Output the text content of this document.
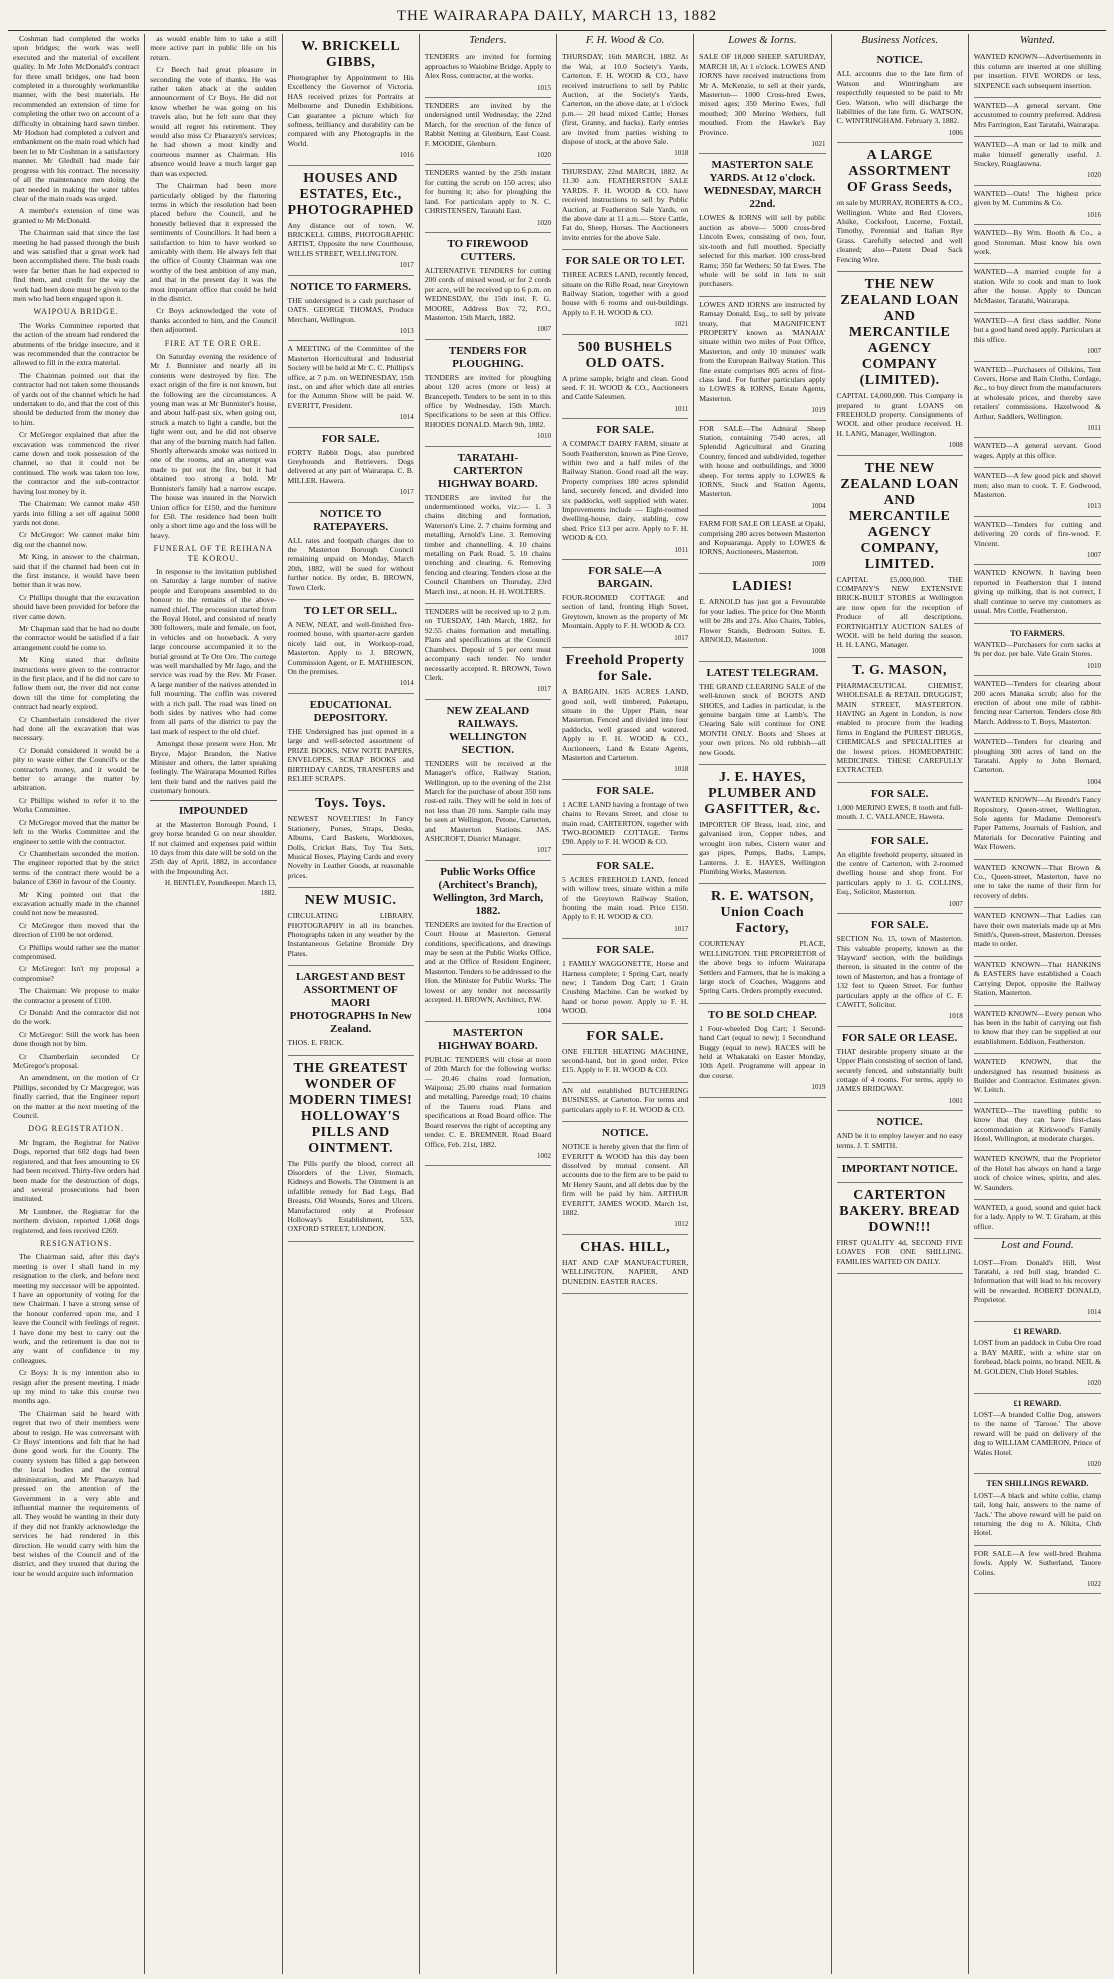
THE WAIRARAPA DAILY, MARCH 13, 1882

Coshman had completed the works upon bridges; the work was well executed and the material of excellent quality. In Mr John McDonald's contract for three small bridges, one had been completed in a thoroughly workmanlike manner, with the best materials. He recommended an extension of time for completing the other two on account of a difficulty in obtaining hard sawn timber. Mr Hodson had completed a culvert and embankment on the main road which had been let to Mr Coshman in a satisfactory manner. Mr Gledhill had made fair progress with his contract. The necessity of all the maintenance men doing the part needed in making the water tables clear of the main roads was urged.

A member's extension of time was granted to Mr McDonald.

The Chairman said that since the last meeting he had passed through the bush and was satisfied that a great work had been accomplished there. The bush roads were far better than he had expected to find them, and credit for the way the work had been done must be given to the men who had been engaged upon it.

WAIPOUA BRIDGE.

The Works Committee reported that the action of the stream had rendered the abutments of the bridge insecure, and it was recommended that the contractor be allowed to fill in the extra material.

The Chairman pointed out that the contractor had not taken some thousands of yards out of the channel which he had undertaken to do, and that the cost of this should be deducted from the money due to him.

Cr McGregor explained that after the excavation was commenced the river came down and took possession of the channel, so that it could not be continued. The work was taken too low, the contractor and the sub-contractor having lost money by it.

The Chairman: We cannot make 450 yards into filling a set off against 5000 yards not done.

Cr McGregor: We cannot make him dig out the channel now.

Mr King, in answer to the chairman, said that if the channel had been cut in the first instance, it would have been better than it was now.

Cr Phillips thought that the excavation should have been provided for before the river came down.

Mr Chapman said that he had no doubt the contractor would be satisfied if a fair arrangement could be come to.

Mr King stated that definite instructions were given to the contractor in the first place, and if he did not care to follow them out, the river did not come down till the time for completing the contract had nearly expired.

Cr Chamberlain considered the river had done all the excavation that was necessary.

Cr Donald considered it would be a pity to waste either the Council's or the contractor's money, and it would be better to arrange the matter by arbitration.

Cr Phillips wished to refer it to the Works Committee.

Cr McGregor moved that the matter be left to the Works Committee and the engineer to settle with the contractor.

Cr Chamberlain seconded the motion. The engineer reported that by the strict terms of the contract there would be a balance of £360 in favour of the County.

Mr King pointed out that the excavation actually made in the channel could not now be measured.

Cr McGregor then moved that the direction of £100 be not ordered.

Cr Phillips would rather see the matter compromised.

Cr McGregor: Isn't my proposal a compromise?

The Chairman: We propose to make the contractor a present of £100.

Cr Donald: And the contractor did not do the work.

Cr McGregor: Still the work has been done though not by him.

Cr Chamberlain seconded Cr McGregor's proposal.

An amendment, on the motion of Cr Phillips, seconded by Cr Macgregor, was finally carried, that the Engineer report on the matter at the next meeting of the Council.

DOG REGISTRATION.

Mr Ingram, the Registrar for Native Dogs, reported that 602 dogs had been registered, and that fees amounting to £6 had been received. Thirty-five orders had been made for the destruction of dogs, and several prosecutions had been instituted.

Mr Lumbner, the Registrar for the northern division, reported 1,068 dogs registered, and fees received £269.

RESIGNATIONS.

The Chairman said, after this day's meeting is over I shall hand in my resignation to the clerk, and before next meeting my successor will be appointed. I have an opportunity of voting for the new Chairman. I have a strong sense of the honour conferred upon me, and I leave the Council with feelings of regret. I have done my best to carry out the work, and the retirement is due not to any want of confidence in my colleagues.

Cr Boys: It is my intention also to resign after the present meeting. I made up my mind to take this course two months ago.

The Chairman said he heard with regret that two of their members were about to resign. He was conversant with Cr Boys' intentions and felt that he had done good work for the County. The county system has filled a gap between the local bodies and the central administration, and Mr Pharazyn had pressed on the attention of the Government in a very able and influential manner the requirements of all. They would be wanting in their duty if they did not frankly acknowledge the services he had rendered in this direction. He would carry with him the best wishes of the Council and of the district, and they trusted that during the tour he would acquire such information

as would enable him to take a still more active part in public life on his return.

Cr Beech had great pleasure in seconding the vote of thanks. He was rather taken aback at the sudden announcement of Cr Boys. He did not know whether he was going on his travels also, but he felt sure that they would all regret his retirement. They would also miss Cr Pharazyn's services; he had shown a most kindly and courteous manner as Chairman. His absence would leave a much larger gap than was expected.

The Chairman had been more particularly obliged by the flattering terms in which the resolution had been placed before the Council, and he honestly believed that it expressed the sentiments of Councillors. It had been a satisfaction to him to have worked so amicably with them. He always felt that the office of County Chairman was one worthy of the best ambition of any man, and that in the present day it was the most important office that could be held in the district.

Cr Boys acknowledged the vote of thanks accorded to him, and the Council then adjourned.

FIRE AT TE ORE ORE.

On Saturday evening the residence of Mr J. Bunnister and nearly all its contents were destroyed by fire. The exact origin of the fire is not known, but the following are the circumstances. A young man was at Mr Bunnister's house, and about half-past six, when going out, struck a match to light a candle, but the light went out, and he did not observe that any of the burning match had fallen. Shortly afterwards smoke was noticed in one of the rooms, and an attempt was made to put out the fire, but it had obtained too strong a hold. Mr Bunnister's family had a narrow escape. The house was insured in the Norwich Union office for £150, and the furniture for £50. The residence had been built only a short time ago and the loss will be heavy.

FUNERAL OF TE REIHANA TE KOROU.

In response to the invitation published on Saturday a large number of native people and Europeans assembled to do honour to the remains of the above-named chief. The procession started from the Royal Hotel, and consisted of nearly 300 followers, male and female, on foot, in vehicles and on horseback. A very large concourse accompanied it to the burial ground at Te Ore Ore. The cortege was well marshalled by Mr Jago, and the service was read by the Rev. Mr Fraser. A large number of the natives attended in full mourning. The coffin was covered with a rich pall. The road was lined on both sides by natives who had come from all parts of the district to pay the last mark of respect to the old chief.

Amongst those present were Hon. Mr Bryce, Major Brandon, the Native Minister and others, the latter speaking feelingly. The Wairarapa Mounted Rifles lent their band and the natives paid the customary honours.

IMPOUNDED

at the Masterton Borough Pound, 1 grey horse branded G on near shoulder. If not claimed and expenses paid within 10 days from this date will be sold on the 25th day of April, 1882, in accordance with the Impounding Act.

H. BENTLEY, Poundkeeper. March 13, 1882.
W. BRICKELL GIBBS,

Photographer by Appointment to His Excellency the Governor of Victoria. HAS received prizes for Portraits at Melbourne and Dunedin Exhibitions. Can guarantee a picture which for softness, brilliancy and durability can be compared with any Photographs in the World.

1016
HOUSES AND ESTATES, Etc., PHOTOGRAPHED

Any distance out of town. W. BRICKELL GIBBS, PHOTOGRAPHIC ARTIST, Opposite the new Courthouse, WILLIS STREET, WELLINGTON.

1017
NOTICE TO FARMERS.

THE undersigned is a cash purchaser of OATS. GEORGE THOMAS, Produce Merchant, Wellington.

1013

A MEETING of the Committee of the Masterton Horticultural and Industrial Society will be held at Mr C. C. Phillips's office, at 7 p.m. on WEDNESDAY, 15th inst., on and after which date all entries for the Autumn Show will be paid. W. EVERITT, President.

1014
FOR SALE.

FORTY Rabbit Dogs, also purebred Greyhounds and Retrievers. Dogs delivered at any part of Wairarapa. C. B. MILLER. Hawera.

1017
NOTICE TO RATEPAYERS.

ALL rates and footpath charges due to the Masterton Borough Council remaining unpaid on Monday, March 20th, 1882, will be sued for without further notice. By order, B. BROWN, Town Clerk.

TO LET OR SELL.

A NEW, NEAT, and well-finished five-roomed house, with quarter-acre garden nicely laid out, in Worksop-road, Masterton. Apply to J. BROWN, Commission Agent, or E. MATHIESON, On the premises.

1014
EDUCATIONAL DEPOSITORY.

THE Undersigned has just opened in a large and well-selected assortment of PRIZE BOOKS, NEW NOTE PAPERS, ENVELOPES, SCRAP BOOKS and BIRTHDAY CARDS, TRANSFERS and RELIEF SCRAPS.

Toys. Toys.

NEWEST NOVELTIES! In Fancy Stationery, Purses, Straps, Desks, Albums, Card Baskets, Workboxes, Dolls, Cricket Bats, Toy Tea Sets, Musical Boxes, Playing Cards and every Novelty in Leather Goods, at reasonable prices.

NEW MUSIC.

CIRCULATING LIBRARY. PHOTOGRAPHY in all its branches. Photographs taken in any weather by the Instantaneous Gelatine Bromide Dry Plates.

LARGEST AND BEST ASSORTMENT OF MAORI PHOTOGRAPHS In New Zealand.

THOS. E. FRICK.

THE GREATEST WONDER OF MODERN TIMES! HOLLOWAY'S PILLS AND OINTMENT.

The Pills purify the blood, correct all Disorders of the Liver, Stomach, Kidneys and Bowels. The Ointment is an infallible remedy for Bad Legs, Bad Breasts, Old Wounds, Sores and Ulcers. Manufactured only at Professor Holloway's Establishment, 533, OXFORD STREET, LONDON.

Tenders.

TENDERS are invited for forming approaches to Waiohine Bridge. Apply to Alex Ross, contractor, at the works.

1015

TENDERS are invited by the undersigned until Wednesday, the 22nd March, for the erection of the fence of Rabbit Netting at Glenburn, East Coast. F. MOODIE, Glenburn.

1020

TENDERS wanted by the 25th instant for cutting the scrub on 150 acres; also for burning it; also for ploughing the land. For particulars apply to N. C. CHRISTENSEN, Taratahi East.

1020
TO FIREWOOD CUTTERS.

ALTERNATIVE TENDERS for cutting 200 cords of mixed wood, or for 2 cords per acre, will be received up to 6 p.m. on WEDNESDAY, the 15th inst. F. G. MOORE, Address Box 72, P.O., Masterton. 15th March, 1882.

1007
TENDERS FOR PLOUGHING.

TENDERS are invited for ploughing about 120 acres (more or less) at Brancepeth. Tenders to be sent in to this office by Wednesday, 15th March. Specifications to be seen at this Office. RHODES DONALD. March 9th, 1882.

1010
TARATAHI-CARTERTON HIGHWAY BOARD.

TENDERS are invited for the undermentioned works, viz.:— 1. 3 chains ditching and formation, Waterson's Line. 2. 7 chains forming and metalling, Arnold's Line. 3. Removing timber and channelling. 4. 10 chains metalling on Park Road. 5. 10 chains trenching and clearing. 6. Removing fencing and clearing. Tenders close at the Council Chambers on Thursday, 23rd March inst., at noon. H. H. WOLTERS.

TENDERS will be received up to 2 p.m. on TUESDAY, 14th March, 1882, for 92.55 chains formation and metalling. Plans and specifications at the Council Chambers. Deposit of 5 per cent must accompany each tender. No tender necessarily accepted. R. BROWN, Town Clerk.

1017
NEW ZEALAND RAILWAYS. WELLINGTON SECTION.

TENDERS will be received at the Manager's office, Railway Station, Wellington, up to the evening of the 21st March for the purchase of about 350 tons rust-ed rails. They will be sold in lots of not less than 20 tons. Sample rails may be seen at Wellington, Petone, Carterton, and Masterton Stations. JAS. ASHCROFT, District Manager.

1017
Public Works Office (Architect's Branch), Wellington, 3rd March, 1882.

TENDERS are invited for the Erection of Court House at Masterton. General conditions, specifications, and drawings may be seen at the Public Works Office, and at the Office of Resident Engineer, Masterton. Tenders to be addressed to the Hon. the Minister for Public Works. The lowest or any tender not necessarily accepted. H. BROWN, Architect, P.W.

1004
MASTERTON HIGHWAY BOARD.

PUBLIC TENDERS will close at noon of 20th March for the following works:— 20.46 chains road formation, Waipoua; 25.00 chains road formation and metalling, Pareedge road; 10 chains of the Taueru road. Plans and specifications at Road Board office. The Board reserves the right of accepting any tender. C. E. BREMNER. Road Board Office, Feb. 21st, 1882.

1002
F. H. Wood & Co.

THURSDAY, 16th MARCH, 1882. At the Wai, at 10.0 Society's Yards, Carterton. F. H. WOOD & CO., have received instructions to sell by Public Auction, at the Society's Yards, Carterton, on the above date, at 1 o'clock p.m.— 20 head mixed Cattle; Horses (first, Granny, and hacks). Early entries are invited from parties wishing to dispose of stock, at the above Sale.

1018

THURSDAY, 22nd MARCH, 1882. At 11.30 a.m. FEATHERSTON SALE YARDS. F. H. WOOD & CO. have received instructions to sell by Public Auction, at Featherston Sale Yards, on the above date at 11 a.m.— Store Cattle, Fat do, Sheep, Horses. The Auctioneers invite entries for the above Sale.

FOR SALE OR TO LET.

THREE ACRES LAND, recently fenced, situate on the Rifle Road, near Greytown Railway Station, together with a good house with 6 rooms and out-buildings. Apply to F. H. WOOD & CO.

1021
500 BUSHELS OLD OATS.

A prime sample, bright and clean. Good seed. F. H. WOOD & CO., Auctioneers and Cattle Salesmen.

1011
FOR SALE.

A COMPACT DAIRY FARM, situate at South Featherston, known as Pine Grove, within two and a half miles of the Railway Station. Good road all the way. Property comprises 180 acres splendid land, securely fenced, and divided into six paddocks, well supplied with water. Improvements include — Eight-roomed dwelling-house, dairy, stabling, cow shed. Price £13 per acre. Apply to F. H. WOOD & CO.

1011
FOR SALE—A BARGAIN.

FOUR-ROOMED COTTAGE and section of land, fronting High Street, Greytown, known as the property of Mr Mountain. Apply to F. H. WOOD & CO.

1017
Freehold Property for Sale.

A BARGAIN. 1635 ACRES LAND, good soil, well timbered, Puketapu, situate in the Upper Plain, near Masterton. Fenced and divided into four paddocks, well grassed and watered. Apply to F. H. WOOD & CO., Auctioneers, Land & Estate Agents, Masterton and Carterton.

1018
FOR SALE.

1 ACRE LAND having a frontage of two chains to Revans Street, and close to main road, CARTERTON, together with TWO-ROOMED COTTAGE. Terms £90. Apply to F. H. WOOD & CO.

FOR SALE.

5 ACRES FREEHOLD LAND, fenced with willow trees, situate within a mile of the Greytown Railway Station, fronting the main road. Price £150. Apply to F. H. WOOD & CO.

1017
FOR SALE.

1 FAMILY WAGGONETTE, Horse and Harness complete; 1 Spring Cart, nearly new; 1 Tandem Dog Cart; 1 Grain Crushing Machine. Can be worked by hand or horse power. Apply to F. H. WOOD.

FOR SALE.

ONE FILTER HEATING MACHINE, second-hand, but in good order. Price £15. Apply to F. H. WOOD & CO.

AN old established BUTCHERING BUSINESS, at Carterton. For terms and particulars apply to F. H. WOOD & CO.

NOTICE.

NOTICE is hereby given that the firm of EVERITT & WOOD has this day been dissolved by mutual consent. All accounts due to the firm are to be paid to Mr Henry Saunt, and all debts due by the firm will be paid by him. ARTHUR EVERITT, JAMES WOOD. March 1st, 1882.

1012
CHAS. HILL,

HAT AND CAP MANUFACTURER, WELLINGTON, NAPIER, AND DUNEDIN. EASTER RACES.

Lowes & Iorns.

SALE OF 18,000 SHEEP. SATURDAY, MARCH 18, At 1 o'clock. LOWES AND IORNS have received instructions from Mr A. McKenzie, to sell at their yards, Masterton— 1000 Cross-bred Ewes, mixed ages; 350 Merino Ewes, full mouthed; 300 Merino Wethers, full mouthed. From the Hawke's Bay Province.

1021
MASTERTON SALE YARDS. At 12 o'clock. WEDNESDAY, MARCH 22nd.

LOWES & IORNS will sell by public auction as above— 5000 cross-bred Lincoln Ewes, consisting of two, four, six-tooth and full mouthed. Specially selected for this market. 100 cross-bred Rams; 350 fat Wethers; 50 fat Ewes. The whole will be sold in lots to suit purchasers.

LOWES AND IORNS are instructed by Ramsay Donald, Esq., to sell by private treaty, that MAGNIFICENT PROPERTY known as 'MANAIA' situate within two miles of Post Office, Masterton, and only 10 minutes' walk from the European Railway Station. This fine estate comprises 805 acres of first-class land. For further particulars apply to LOWES & IORNS, Estate Agents, Masterton.

1019

FOR SALE—The Admiral Sheep Station, containing 7540 acres, all Splendid Agricultural and Grazing Country, fenced and subdivided, together with house and outbuildings, and 3000 sheep. For terms apply to LOWES & IORNS, Stock and Station Agents, Masterton.

1004

FARM FOR SALE OR LEASE at Opaki, comprising 280 acres between Masterton and Kopuaranga. Apply to LOWES & IORNS, Auctioneers, Masterton.

1009
LADIES!

E. ARNOLD has just got a Fevourable for your ladies. The price for One Month will be 28s and 27s. Also Chairs, Tables, Flower Stands, Bedroom Suites. E. ARNOLD, Masterton.

1008
LATEST TELEGRAM.

THE GRAND CLEARING SALE of the well-known stock of BOOTS AND SHOES, and Ladies in particular, is the genuine bargain time at Lamb's. The Clearing Sale will continue for ONE MONTH ONLY. Boots and Shoes at your own prices. No old rubbish—all new Goods.

J. E. HAYES, PLUMBER AND GASFITTER, &c.

IMPORTER OF Brass, lead, zinc, and galvanised iron, Copper tubes, and wrought iron tubes, Cistern water and gas pipes, Pumps, Baths, Lamps, Lanterns. J. E. HAYES, Wellington Plumbing Works, Masterton.

R. E. WATSON, Union Coach Factory,

COURTENAY PLACE, WELLINGTON. THE PROPRIETOR of the above begs to inform Wairarapa Settlers and Farmers, that he is making a large stock of Coaches, Waggons and Spring Carts. Orders promptly executed.

TO BE SOLD CHEAP.

1 Four-wheeled Dog Cart; 1 Second-hand Cart (equal to new); 1 Secondhand Buggy (equal to new). RACES will be held at Whakataki on Easter Monday, 10th April. Programme will appear in due course.

1019
Business Notices.
NOTICE.

ALL accounts due to the late firm of Watson and Wintringham are respectfully requested to be paid to Mr Geo. Watson, who will discharge the liabilities of the late firm. G. WATSON, C. WINTRINGHAM. February 3, 1882.

1006
A LARGE ASSORTMENT OF Grass Seeds,

on sale by MURRAY, ROBERTS & CO., Wellington. White and Red Clovers, Alsike, Cocksfoot, Lucerne, Foxtail, Timothy, Perennial and Italian Rye Grass. Carefully selected and well cleaned; also—Patent Dead Sack Fencing Wire.

THE NEW ZEALAND LOAN AND MERCANTILE AGENCY COMPANY (LIMITED).

CAPITAL £4,000,000. This Company is prepared to grant LOANS on FREEHOLD property. Consignments of WOOL and other produce received. H. H. LANG, Manager, Wellington.

1008
THE NEW ZEALAND LOAN AND MERCANTILE AGENCY COMPANY, LIMITED.

CAPITAL £5,000,000. THE COMPANY'S NEW EXTENSIVE BRICK-BUILT STORES at Wellington are now open for the reception of Produce of all descriptions. FORTNIGHTLY AUCTION SALES of WOOL will be held during the season. H. H. LANG, Manager.

T. G. MASON,

PHARMACEUTICAL CHEMIST, WHOLESALE & RETAIL DRUGGIST, MAIN STREET, MASTERTON. HAVING an Agent in London, is now enabled to procure from the leading firms in England the PUREST DRUGS, CHEMICALS and SPECIALITIES at the lowest prices. HOMEOPATHIC MEDICINES. THESE CAREFULLY EXTRACTED.

FOR SALE.

1,000 MERINO EWES, 8 tooth and full-mouth. J. C. VALLANCE, Hawera.

FOR SALE.

An eligible freehold property, situated in the centre of Carterton, with 2-roomed dwelling house and shop front. For particulars apply to J. G. COLLINS, Esq., Solicitor, Masterton.

1007
FOR SALE.

SECTION No. 15, town of Masterton. This valuable property, known as the 'Hayward' section, with the buildings thereon, is situated in the centre of the town of Masterton, and has a frontage of 132 feet to Queen Street. For further particulars apply at the office of C. F. CAWITT, Solicitor.

1018
FOR SALE OR LEASE.

THAT desirable property situate at the Upper Plain consisting of section of land, securely fenced, and substantially built cottage of 4 rooms. For terms, apply to JAMES BRIDGWAY.

1001
NOTICE.

AND be it to employ lawyer and no easy terms. J. T. SMITH.

IMPORTANT NOTICE.
CARTERTON BAKERY. BREAD DOWN!!!

FIRST QUALITY 4d, SECOND FIVE LOAVES FOR ONE SHILLING. FAMILIES WAITED ON DAILY.

Wanted.

WANTED KNOWN—Advertisements in this column are inserted at one shilling per insertion. FIVE WORDS or less, SIXPENCE each subsequent insertion.

WANTED—A general servant. One accustomed to country preferred. Address Mrs Farrington, East Taratahi, Wairarapa.

WANTED—A man or lad to milk and make himself generally useful. J. Stuckey, Ruaglauwna.

1020

WANTED—Oats! The highest price given by M. Cummins & Co.

1016

WANTED—By Wm. Booth & Co., a good Storeman. Must know his own work.

WANTED—A married couple for a station. Wife to cook and man to look after the house. Apply to Duncan McMaster, Taratahi, Wairarapa.

WANTED—A first class saddler. None but a good hand need apply. Particulars at this office.

1007

WANTED—Purchasers of Oilskins, Tent Covers, Horse and Rain Cloths, Cordage, &c., to buy direct from the manufacturers at wholesale prices, and thereby save retailers' commissions. Hazelwood & Arthur, Saddlers, Wellington.

1011

WANTED—A general servant. Good wages. Apply at this office.

WANTED—A few good pick and shovel men; also man to cook. T. F. Godwood, Masterton.

1013

WANTED—Tenders for cutting and delivering 20 cords of fire-wood. F. Vincent.

1007

WANTED KNOWN. It having been reported in Featherston that I intend giving up milking, that is not correct, I shall continue to serve my customers as usual. Mrs Cottle, Featherston.

TO FARMERS.

WANTED—Purchasers for corn sacks at 9s per doz. per bale. Vale Grain Stores.

1010

WANTED—Tenders for clearing about 200 acres Manaka scrub; also for the erection of about one mile of rabbit-fencing near Carterton. Tenders close 8th March. Address to T. Boys, Masterton.

WANTED—Tenders for clearing and ploughing 300 acres of land on the Taratahi. Apply to John Bernard, Carterton.

1004

WANTED KNOWN—At Brendt's Fancy Repository, Queen-street, Wellington, Sole agents for Madame Demorest's Paper Patterns, Journals of Fashion, and Materials for Decorative Painting and Wax Flowers.

WANTED KNOWN—That Brown & Co., Queen-street, Masterton, have no one to take the name of their firm for recovery of debts.

WANTED KNOWN—That Ladies can have their own materials made up at Mrs Smith's, Queen-street, Masterton. Dresses made to order.

WANTED KNOWN—That HANKINS & EASTERS have established a Coach Carrying Depot, opposite the Railway Station, Masterton.

WANTED KNOWN—Every person who has been in the habit of carrying out fish to know that they can be supplied at our establishment. Eddison, Featherston.

WANTED KNOWN, that the undersigned has resumed business as Builder and Contractor. Estimates given. W. Leitch.

WANTED—The travelling public to know that they can have first-class accommodation at Kirkwood's Family Hotel, Wellington, at moderate charges.

WANTED KNOWN, that the Proprietor of the Hotel has always on hand a large stock of choice wines, spirits, and ales. W. Saunders.

WANTED, a good, sound and quiet hack for a lady. Apply to W. T. Graham, at this office.

Lost and Found.

LOST—From Donald's Hill, West Taratahi, a red bull stag, branded C. Information that will lead to his recovery will be rewarded. ROBERT DONALD, Proprietor.

1014
£1 REWARD.

LOST from an paddock in Cuba Ore road a BAY MARE, with a white star on forehead, black points, no brand. NEIL & M. GOLDEN, Club Hotel Stables.

1020
£1 REWARD.

LOST—A branded Collie Dog, answers to the name of 'Tarooe.' The above reward will be paid on delivery of the dog to WILLIAM CAMERON, Prince of Wales Hotel.

1020
TEN SHILLINGS REWARD.

LOST—A black and white collie, clamp tail, long hair, answers to the name of 'Jack.' The above reward will be paid on returning the dog to A. Nikita, Club Hotel.

FOR SALE—A few well-bred Brahma fowls. Apply W. Sutherland, Tauore Colins.

1022
